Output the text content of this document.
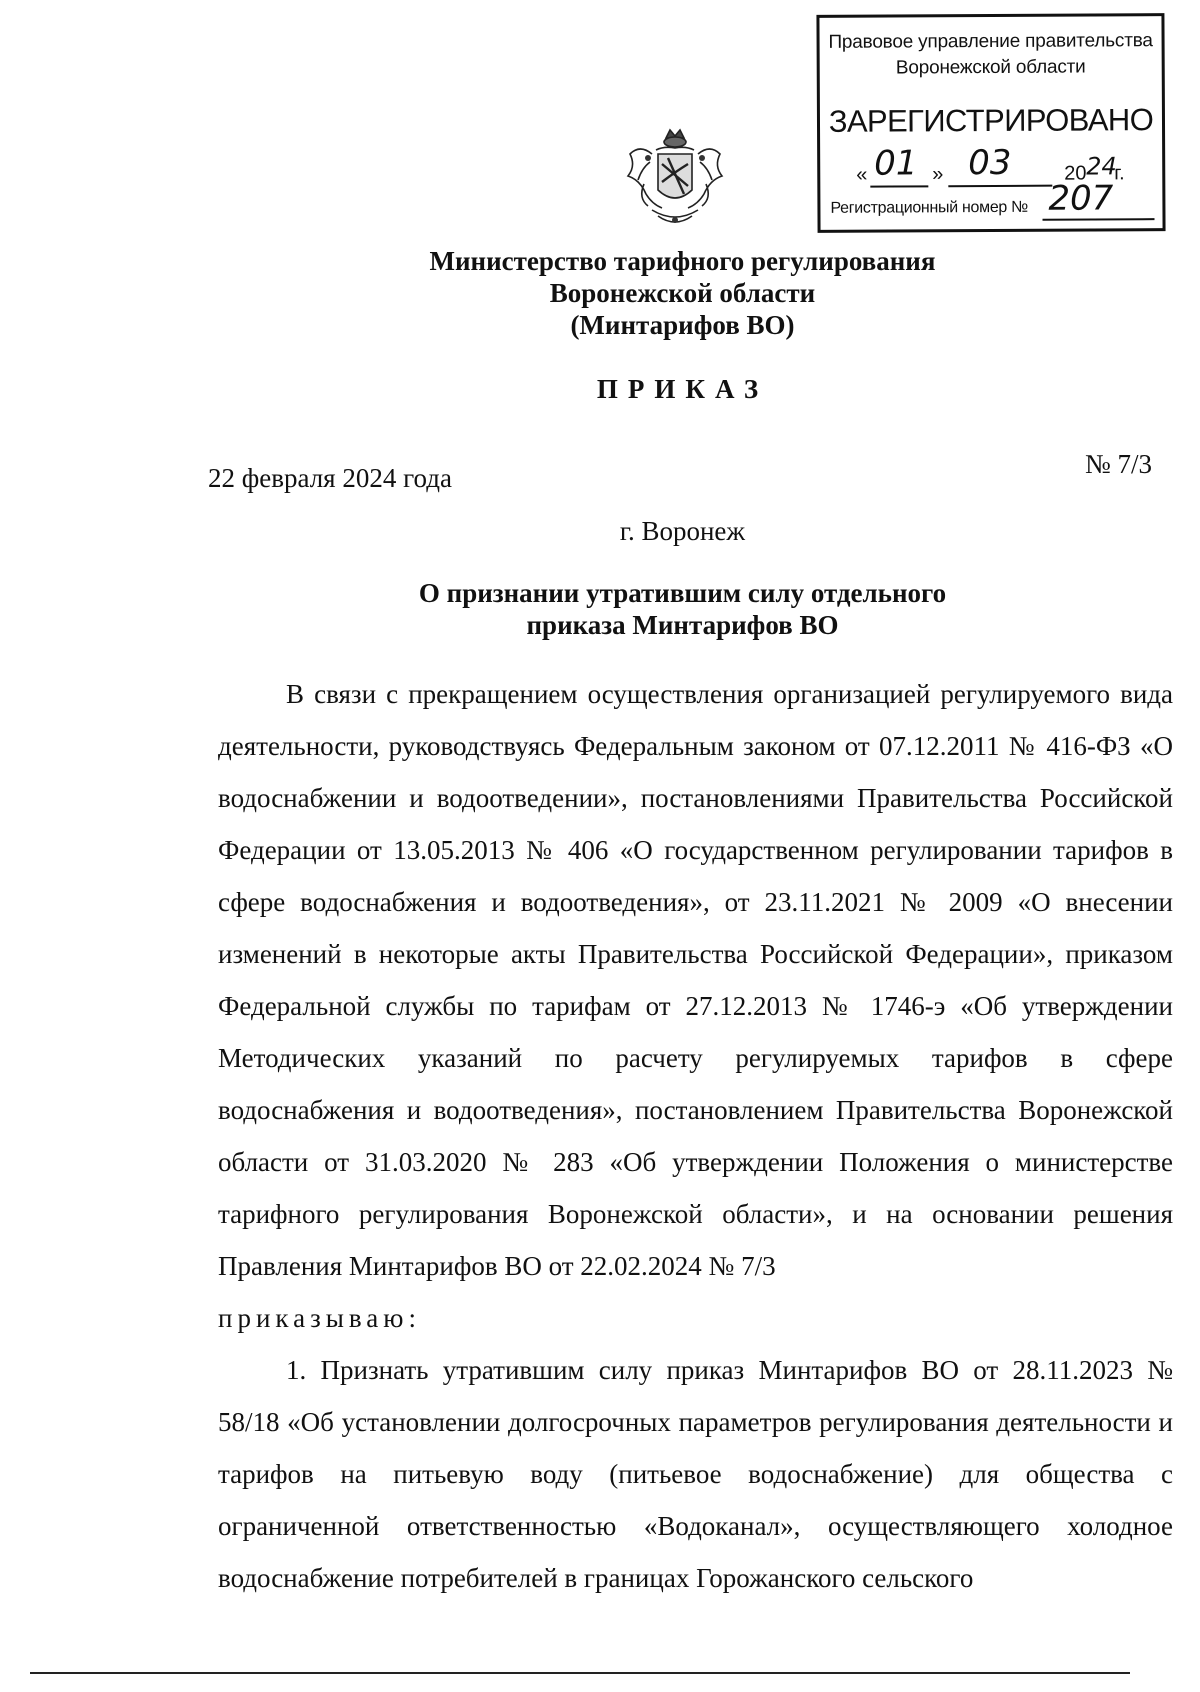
Правовое управление правительства
Воронежской области
ЗАРЕГИСТРИРОВАНО
« 01 » 03	20 24
г.
Регистрационный номер № 207
Министерство тарифного регулирования
Воронежской области
(Минтарифов ВО)
ПРИКАЗ
22 февраля 2024 года	№ 7/3
г. Воронеж
О признании утратившим силу отдельного
приказа Минтарифов ВО

В связи с прекращением осуществления организацией регулируемого вида деятельности, руководствуясь Федеральным законом от 07.12.2011 № 416-ФЗ «О водоснабжении и водоотведении», постановлениями Правительства Российской Федерации от 13.05.2013 № 406 «О государственном регулировании тарифов в сфере водоснабжения и водоотведения», от 23.11.2021 № 2009 «О внесении изменений в некоторые акты Правительства Российской Федерации», приказом Федеральной службы по тарифам от 27.12.2013 № 1746-э «Об утверждении Методических указаний по расчету регулируемых тарифов в сфере водоснабжения и водоотведения», постановлением Правительства Воронежской области от 31.03.2020 № 283 «Об утверждении Положения о министерстве тарифного регулирования Воронежской области», и на основании решения Правления Минтарифов ВО от 22.02.2024 № 7/3

приказываю:

1. Признать утратившим силу приказ Минтарифов ВО от 28.11.2023 № 58/18 «Об установлении долгосрочных параметров регулирования деятельности и тарифов на питьевую воду (питьевое водоснабжение) для общества с ограниченной ответственностью «Водоканал», осуществляющего холодное водоснабжение потребителей в границах Горожанского сельского
